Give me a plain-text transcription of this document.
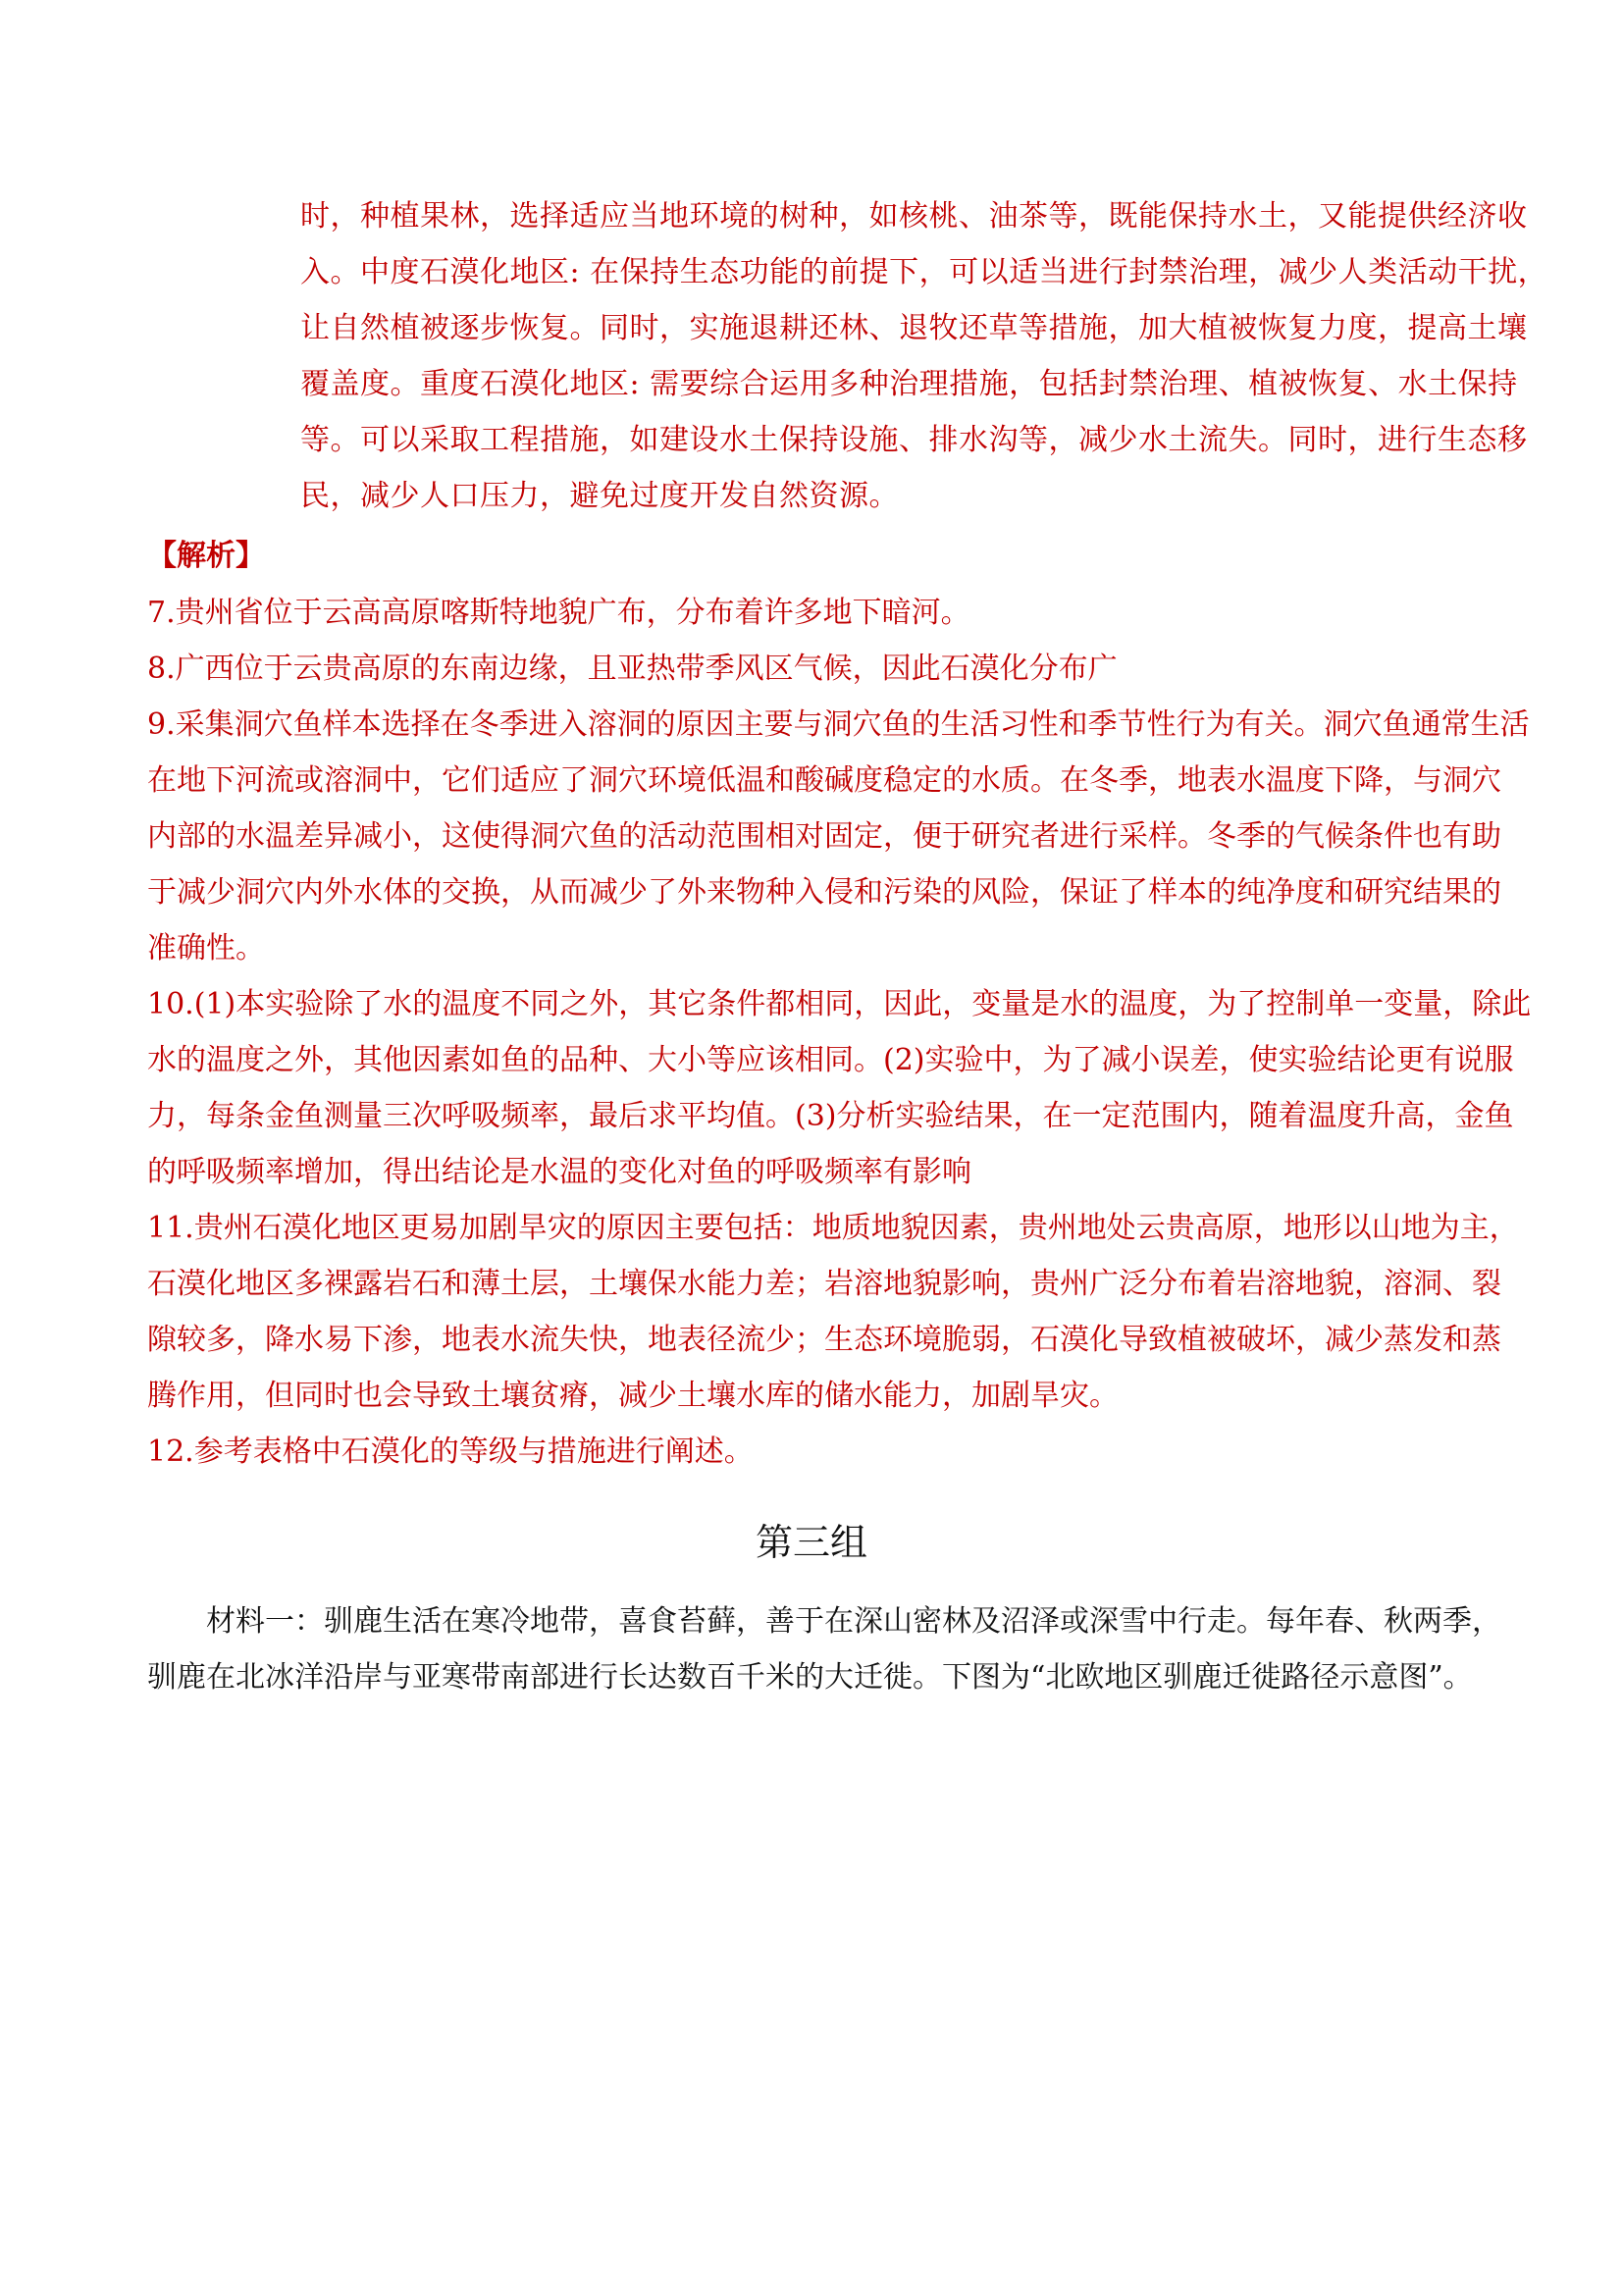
时，种植果林，选择适应当地环境的树种，如核桃、油茶等，既能保持水土，又能提供经济收

入。中度石漠化地区: 在保持生态功能的前提下，可以适当进行封禁治理，减少人类活动干扰，

让自然植被逐步恢复。同时，实施退耕还林、退牧还草等措施，加大植被恢复力度，提高土壤

覆盖度。重度石漠化地区: 需要综合运用多种治理措施，包括封禁治理、植被恢复、水土保持

等。可以采取工程措施，如建设水土保持设施、排水沟等，减少水土流失。同时，进行生态移

民，减少人口压力，避免过度开发自然资源。

【解析】

7.贵州省位于云高高原喀斯特地貌广布，分布着许多地下暗河。

8.广西位于云贵高原的东南边缘，且亚热带季风区气候，因此石漠化分布广

9.采集洞穴鱼样本选择在冬季进入溶洞的原因主要与洞穴鱼的生活习性和季节性行为有关。洞穴鱼通常生活

在地下河流或溶洞中，它们适应了洞穴环境低温和酸碱度稳定的水质。在冬季，地表水温度下降，与洞穴

内部的水温差异减小，这使得洞穴鱼的活动范围相对固定，便于研究者进行采样。冬季的气候条件也有助

于减少洞穴内外水体的交换，从而减少了外来物种入侵和污染的风险，保证了样本的纯净度和研究结果的

准确性。

10.(1)本实验除了水的温度不同之外，其它条件都相同，因此，变量是水的温度，为了控制单一变量，除此

水的温度之外，其他因素如鱼的品种、大小等应该相同。(2)实验中，为了减小误差，使实验结论更有说服

力，每条金鱼测量三次呼吸频率，最后求平均值。(3)分析实验结果，在一定范围内，随着温度升高，金鱼

的呼吸频率增加，得出结论是水温的变化对鱼的呼吸频率有影响

11.贵州石漠化地区更易加剧旱灾的原因主要包括：地质地貌因素，贵州地处云贵高原，地形以山地为主，

石漠化地区多裸露岩石和薄土层，土壤保水能力差；岩溶地貌影响，贵州广泛分布着岩溶地貌，溶洞、裂

隙较多，降水易下渗，地表水流失快，地表径流少；生态环境脆弱，石漠化导致植被破坏，减少蒸发和蒸

腾作用，但同时也会导致土壤贫瘠，减少土壤水库的储水能力，加剧旱灾。

12.参考表格中石漠化的等级与措施进行阐述。

第三组

材料一：驯鹿生活在寒冷地带，喜食苔藓，善于在深山密林及沼泽或深雪中行走。每年春、秋两季，

驯鹿在北冰洋沿岸与亚寒带南部进行长达数百千米的大迁徙。下图为“北欧地区驯鹿迁徙路径示意图”。
